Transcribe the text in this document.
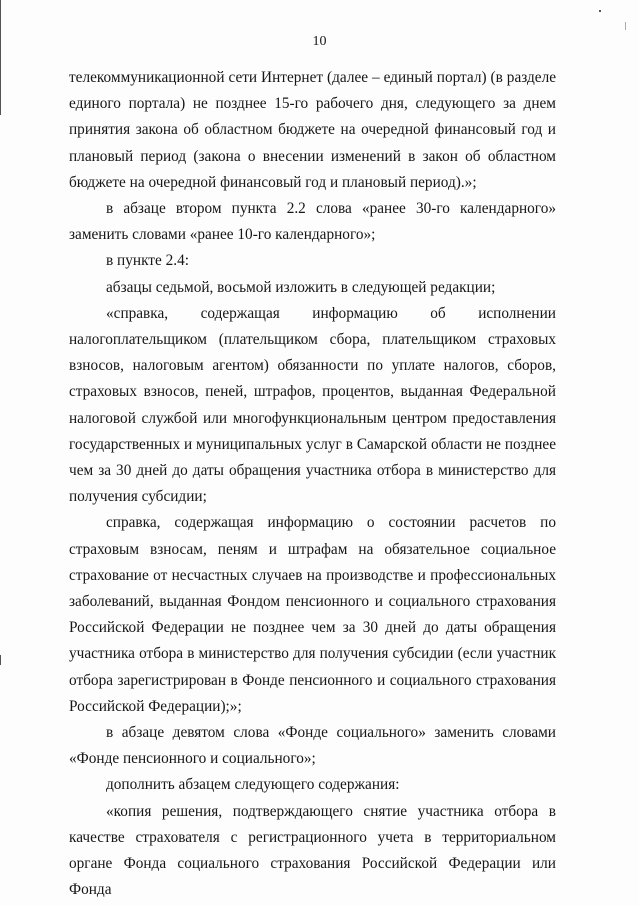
10

телекоммуникационной сети Интернет (далее – единый портал) (в разделе единого портала) не позднее 15-го рабочего дня, следующего за днем принятия закона об областном бюджете на очередной финансовый год и плановый период (закона о внесении изменений в закон об областном бюджете на очередной финансовый год и плановый период).»;

в абзаце втором пункта 2.2 слова «ранее 30-го календарного» заменить словами «ранее 10-го календарного»;

в пункте 2.4:

абзацы седьмой, восьмой изложить в следующей редакции;

«справка, содержащая информацию об исполнении

налогоплательщиком (плательщиком сбора, плательщиком страховых взносов, налоговым агентом) обязанности по уплате налогов, сборов, страховых взносов, пеней, штрафов, процентов, выданная Федеральной налоговой службой или многофункциональным центром предоставления государственных и муниципальных услуг в Самарской области не позднее чем за 30 дней до даты обращения участника отбора в министерство для получения субсидии;

справка, содержащая информацию о состоянии расчетов по страховым взносам, пеням и штрафам на обязательное социальное страхование от несчастных случаев на производстве и профессиональных заболеваний, выданная Фондом пенсионного и социального страхования Российской Федерации не позднее чем за 30 дней до даты обращения участника отбора в министерство для получения субсидии (если участник отбора зарегистрирован в Фонде пенсионного и социального страхования Российской Федерации);»;

в абзаце девятом слова «Фонде социального» заменить словами «Фонде пенсионного и социального»;

дополнить абзацем следующего содержания:

«копия решения, подтверждающего снятие участника отбора в качестве страхователя с регистрационного учета в территориальном органе Фонда социального страхования Российской Федерации или Фонда
